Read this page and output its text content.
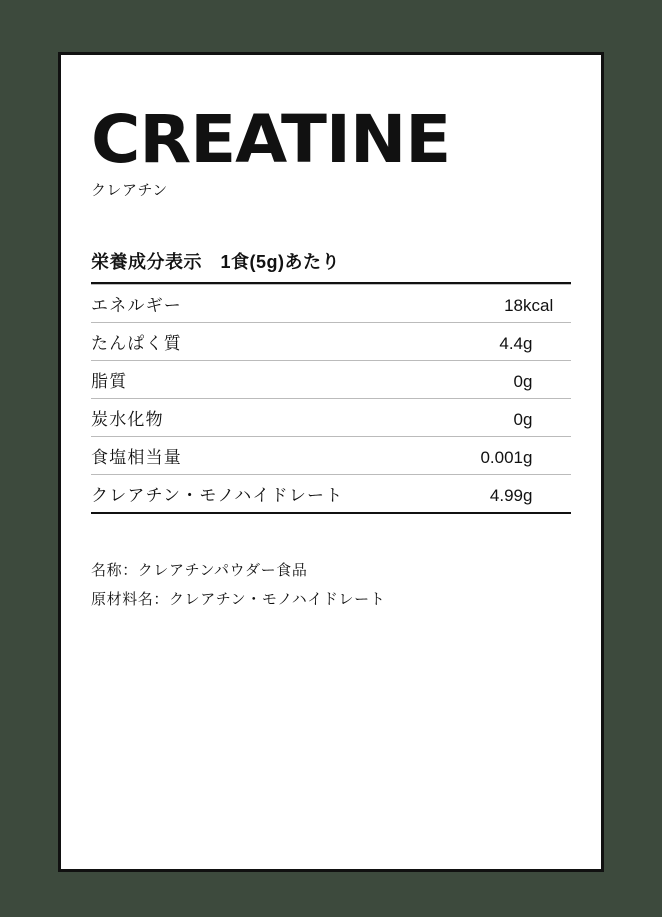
CREATINE
クレアチン
栄養成分表示　1食(5g)あたり

エネルギー	18	kcal
たんぱく質	4.4	g
脂質	0	g
炭水化物	0	g
食塩相当量	0.001	g
クレアチン・モノハイドレート	4.99	g
名称：クレアチンパウダー食品
原材料名：クレアチン・モノハイドレート
